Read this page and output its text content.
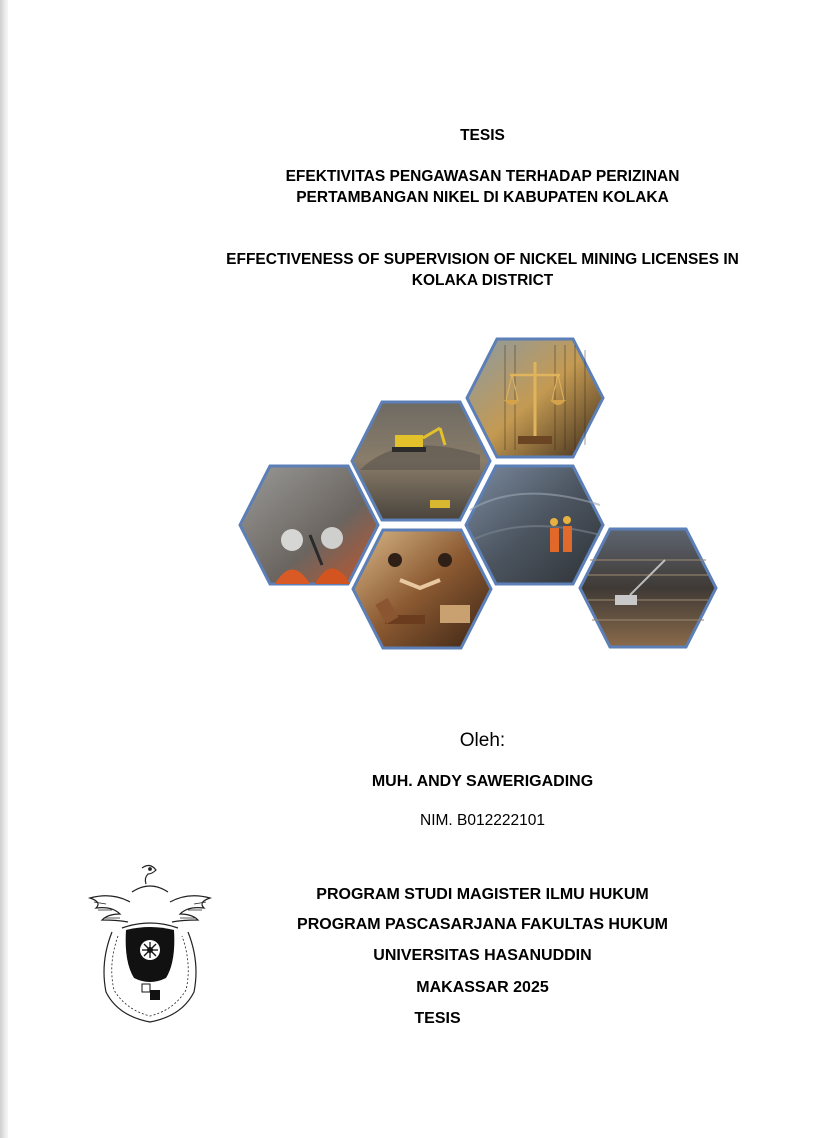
TESIS
EFEKTIVITAS PENGAWASAN TERHADAP PERIZINAN
PERTAMBANGAN NIKEL DI KABUPATEN KOLAKA
EFFECTIVENESS OF SUPERVISION OF NICKEL MINING LICENSES IN
KOLAKA DISTRICT
Oleh:
MUH. ANDY SAWERIGADING
NIM. B012222101
PROGRAM STUDI MAGISTER ILMU HUKUM
PROGRAM PASCASARJANA FAKULTAS HUKUM
UNIVERSITAS HASANUDDIN
MAKASSAR 2025
TESIS
